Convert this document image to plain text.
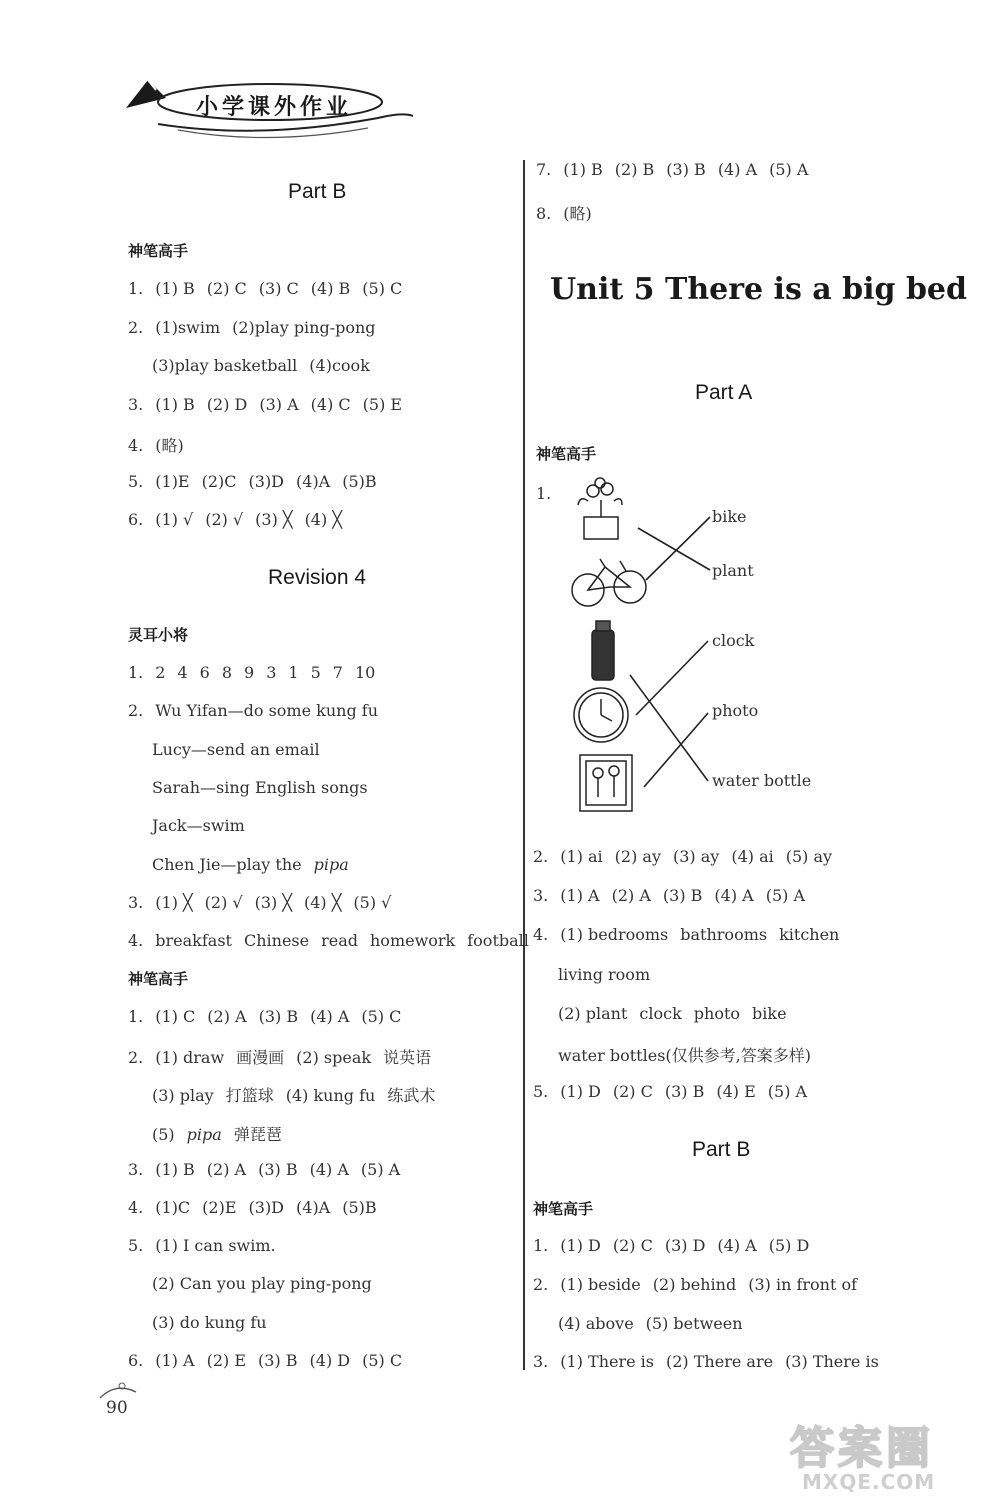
小学课外作业
Part B
神笔高手
Revision 4
灵耳小将
神笔高手
Unit 5 There is a big bed
Part A
神笔高手
1.
bike
plant
clock
photo
water bottle
Part B
神笔高手
90
答案圈
MXQE.COM
1. (1) B (2) C (3) C (4) B (5) C
2. (1)swim (2)play ping-pong
(3)play basketball (4)cook
3. (1) B (2) D (3) A (4) C (5) E
4. (略)
5. (1)E (2)C (3)D (4)A (5)B
6. (1) √ (2) √ (3) ╳ (4) ╳
1. 2 4 6 8 9 3 1 5 7 10
2. Wu Yifan—do some kung fu
Lucy—send an email
Sarah—sing English songs
Jack—swim
Chen Jie—play the pipa
3. (1) ╳ (2) √ (3) ╳ (4) ╳ (5) √
4. breakfast Chinese read homework football
1. (1) C (2) A (3) B (4) A (5) C
2. (1) draw 画漫画 (2) speak 说英语
(3) play 打篮球 (4) kung fu 练武术
(5) pipa 弹琵琶
3. (1) B (2) A (3) B (4) A (5) A
4. (1)C (2)E (3)D (4)A (5)B
5. (1) I can swim.
(2) Can you play ping-pong
(3) do kung fu
6. (1) A (2) E (3) B (4) D (5) C
7. (1) B (2) B (3) B (4) A (5) A
8. (略)
2. (1) ai (2) ay (3) ay (4) ai (5) ay
3. (1) A (2) A (3) B (4) A (5) A
4. (1) bedrooms bathrooms kitchen
living room
(2) plant clock photo bike
water bottles(仅供参考,答案多样)
5. (1) D (2) C (3) B (4) E (5) A
1. (1) D (2) C (3) D (4) A (5) D
2. (1) beside (2) behind (3) in front of
(4) above (5) between
3. (1) There is (2) There are (3) There is
